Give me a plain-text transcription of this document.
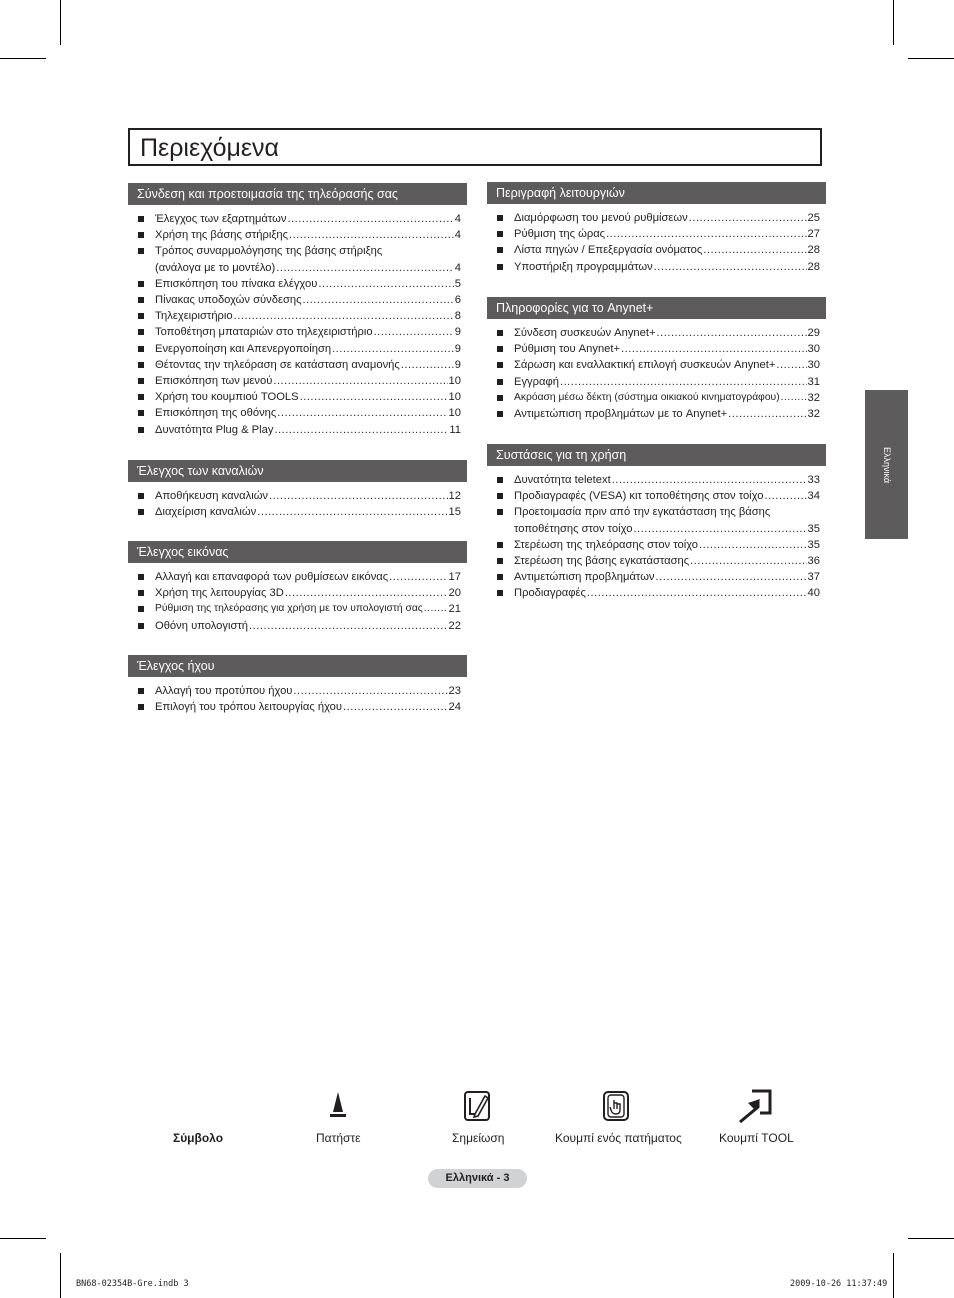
Περιεχόμενα
Σύνδεση και προετοιμασία της τηλεόρασής σας
Έλεγχος των εξαρτημάτων .....	4
Χρήση της βάσης στήριξης .....	4
Τρόπος συναρμολόγησης της βάσης στήριξης
(ανάλογα με το μοντέλο) .....	4
Επισκόπηση του πίνακα ελέγχου .....	5
Πίνακας υποδοχών σύνδεσης .....	6
Τηλεχειριστήριο .....	8
Τοποθέτηση μπαταριών στο τηλεχειριστήριο .....	9
Ενεργοποίηση και Απενεργοποίηση .....	9
Θέτοντας την τηλεόραση σε κατάσταση αναμονής .....	9
Επισκόπηση των μενού .....	10
Χρήση του κουμπιού TOOLS .....	10
Επισκόπηση της οθόνης .....	10
Δυνατότητα Plug & Play .....	11
Έλεγχος των καναλιών
Αποθήκευση καναλιών .....	12
Διαχείριση καναλιών .....	15
Έλεγχος εικόνας
Αλλαγή και επαναφορά των ρυθμίσεων εικόνας .....	17
Χρήση της λειτουργίας 3D .....	20
Ρύθμιση της τηλεόρασης για χρήση με τον υπολογιστή σας ..... 21
Οθόνη υπολογιστή .....	22
Έλεγχος ήχου
Αλλαγή του προτύπου ήχου .....	23
Επιλογή του τρόπου λειτουργίας ήχου .....	24
Περιγραφή λειτουργιών
Διαμόρφωση του μενού ρυθμίσεων .....	25
Ρύθμιση της ώρας .....	27
Λίστα πηγών / Επεξεργασία ονόματος .....	28
Υποστήριξη προγραμμάτων .....	28
Πληροφορίες για το Anynet+
Σύνδεση συσκευών Anynet+ .....	29
Ρύθμιση του Anynet+ .....	30
Σάρωση και εναλλακτική επιλογή συσκευών Anynet+ .....	30
Εγγραφή .....	31
Ακρόαση μέσω δέκτη (σύστημα οικιακού κινηματογράφου) ..... 32
Αντιμετώπιση προβλημάτων με το Anynet+ .....	32
Συστάσεις για τη χρήση
Δυνατότητα teletext .....	33
Προδιαγραφές (VESA) κιτ τοποθέτησης στον τοίχο .....	34
Προετοιμασία πριν από την εγκατάσταση της βάσης
τοποθέτησης στον τοίχο .....	35
Στερέωση της τηλεόρασης στον τοίχο .....	35
Στερέωση της βάσης εγκατάστασης .....	36
Αντιμετώπιση προβλημάτων .....	37
Προδιαγραφές .....	40
Ελληνικά
Σύμβολο	Πατήστε	Σημείωση	Κουμπί ενός πατήματος	Κουμπί TOOL
Ελληνικά - 3
BN68-02354B-Gre.indb 3	2009-10-26 11:37:49
